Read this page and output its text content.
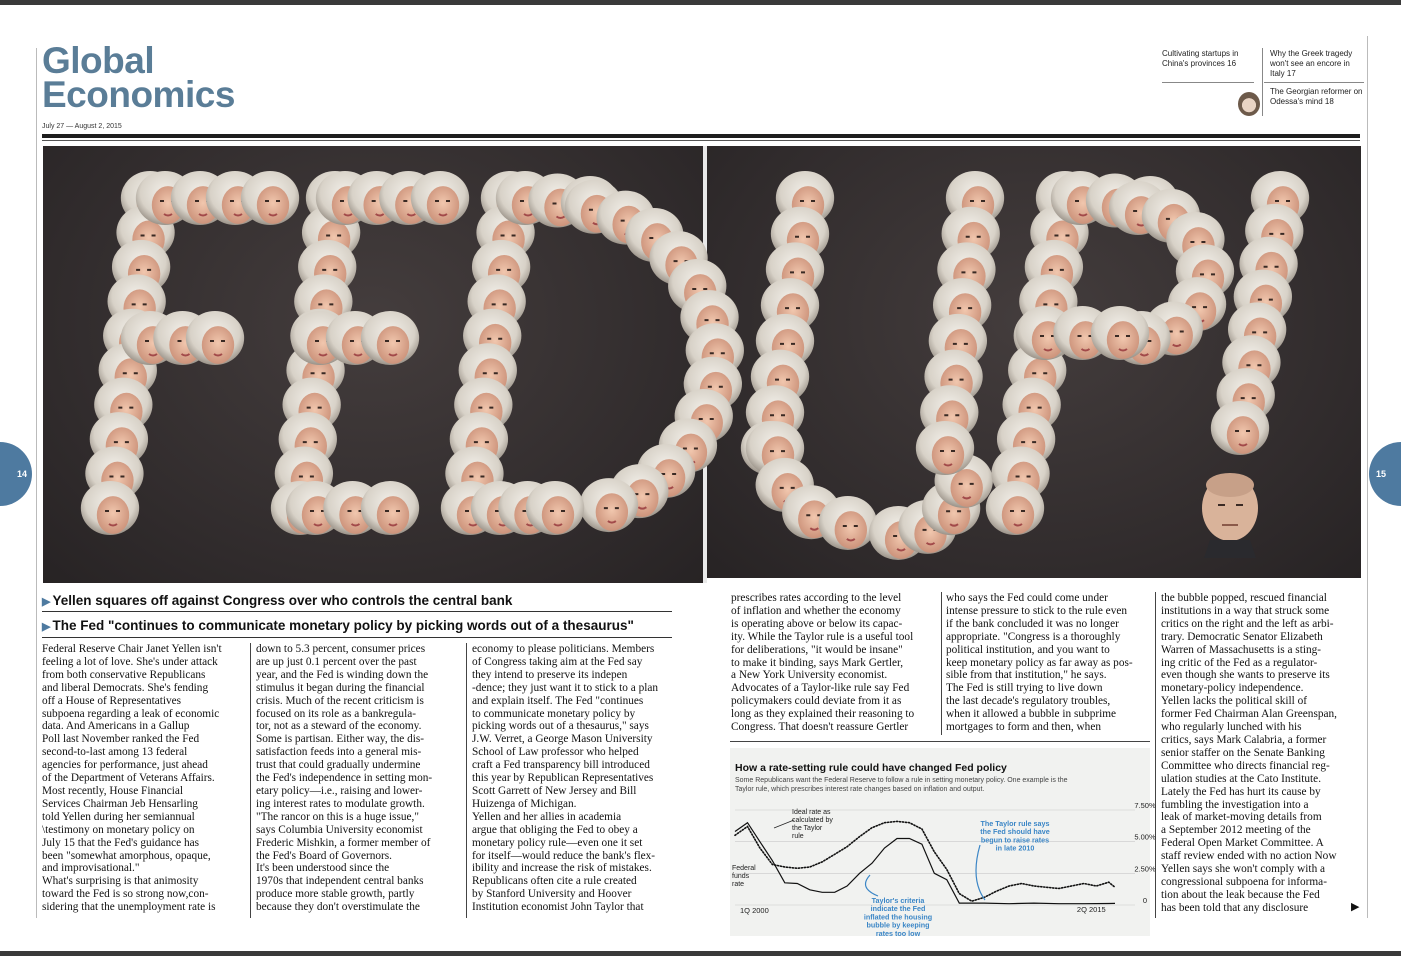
Global
Economics
July 27 — August 2, 2015
Cultivating startups in China's provinces 16
Why the Greek tragedy won't see an encore in Italy 17
The Georgian reformer on Odessa's mind 18
14	15
▶ Yellen squares off against Congress over who controls the central bank
▶ The Fed "continues to communicate monetary policy by picking words out of a thesaurus"

Federal Reserve Chair Janet Yellen isn't

feeling a lot of love. She's under attack

from both conservative Republicans

and liberal Democrats. She's fending

off a House of Representatives

subpoena regarding a leak of economic

data. And Americans in a Gallup

Poll last November ranked the Fed

second-to-last among 13 federal

agencies for performance, just ahead

of the Department of Veterans Affairs.

Most recently, House Financial

Services Chairman Jeb Hensarling

told Yellen during her semiannual

\testimony on monetary policy on

July 15 that the Fed's guidance has

been "somewhat amorphous, opaque,

and improvisational."

What's surprising is that animosity

toward the Fed is so strong now,con-

sidering that the unemployment rate is

down to 5.3 percent, consumer prices

are up just 0.1 percent over the past

year, and the Fed is winding down the

stimulus it began during the financial

crisis. Much of the recent criticism is

focused on its role as a bankregula-

tor, not as a steward of the economy.

Some is partisan. Either way, the dis-

satisfaction feeds into a general mis-

trust that could gradually undermine

the Fed's independence in setting mon-

etary policy—i.e., raising and lower-

ing interest rates to modulate growth.

"The rancor on this is a huge issue,"

says Columbia University economist

Frederic Mishkin, a former member of

the Fed's Board of Governors.

It's been understood since the

1970s that independent central banks

produce more stable growth, partly

because they don't overstimulate the

economy to please politicians. Members

of Congress taking aim at the Fed say

they intend to preserve its indepen

-dence; they just want it to stick to a plan

and explain itself. The Fed "continues

to communicate monetary policy by

picking words out of a thesaurus," says

J.W. Verret, a George Mason University

School of Law professor who helped

craft a Fed transparency bill introduced

this year by Republican Representatives

Scott Garrett of New Jersey and Bill

Huizenga of Michigan.

Yellen and her allies in academia

argue that obliging the Fed to obey a

monetary policy rule—even one it set

for itself—would reduce the bank's flex-

ibility and increase the risk of mistakes.

Republicans often cite a rule created

by Stanford University and Hoover

Institution economist John Taylor that

prescribes rates according to the level

of inflation and whether the economy

is operating above or below its capac-

ity. While the Taylor rule is a useful tool

for deliberations, "it would be insane"

to make it binding, says Mark Gertler,

a New York University economist.

Advocates of a Taylor-like rule say Fed

policymakers could deviate from it as

long as they explained their reasoning to

Congress. That doesn't reassure Gertler

who says the Fed could come under

intense pressure to stick to the rule even

if the bank concluded it was no longer

appropriate. "Congress is a thoroughly

political institution, and you want to

keep monetary policy as far away as pos-

sible from that institution," he says.

The Fed is still trying to live down

the last decade's regulatory troubles,

when it allowed a bubble in subprime

mortgages to form and then, when

the bubble popped, rescued financial

institutions in a way that struck some

critics on the right and the left as arbi-

trary. Democratic Senator Elizabeth

Warren of Massachusetts is a sting-

ing critic of the Fed as a regulator-

even though she wants to preserve its

monetary-policy independence.

Yellen lacks the political skill of

former Fed Chairman Alan Greenspan,

who regularly lunched with his

critics, says Mark Calabria, a former

senior staffer on the Senate Banking

Committee who directs financial reg-

ulation studies at the Cato Institute.

Lately the Fed has hurt its cause by

fumbling the investigation into a

leak of market-moving details from

a September 2012 meeting of the

Federal Open Market Committee. A

staff review ended with no action Now

Yellen says she won't comply with a

congressional subpoena for informa-

tion about the leak because the Fed

has been told that any disclosure

How a rate-setting rule could have changed Fed policy
Some Republicans want the Federal Reserve to follow a rule in setting monetary policy. One example is the Taylor rule, which prescribes interest rate changes based on inflation and output.
7.50%
5.00%
2.50%
0
1Q 2000	2Q 2015
Ideal rate as calculated by the Taylor rule
Federal funds rate
The Taylor rule says the Fed should have begun to raise rates in late 2010
Taylor's criteria indicate the Fed inflated the housing bubble by keeping rates too low
▶
